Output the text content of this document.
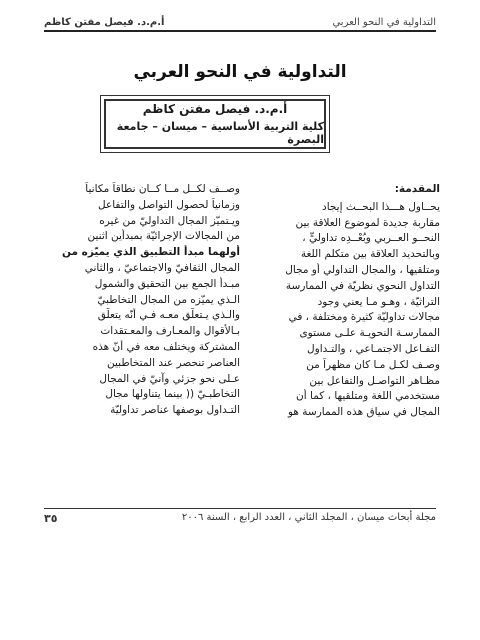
التداولية في النحو العربي
أ.م.د. فيصل مفتن كاظم
التداولية في النحو العربي
أ.م.د. فيصل مفتن كاظم
كلية التربية الأساسية – ميسان – جامعة البصرة
المقدمة:
يحــاول هـــذا البحــث إيجاد
مقاربة جديدة لموضوع العلاقة بين
النحــو العــربي وبُعْــدِه تداوليٍّ ،
وبالتحديد العلاقة بين متكلم اللغة
ومتلقيها ، والمجال التداولي أو مجال
التداول النحوي نظريّة في الممارسة
التراثيّة ، وهـو مـا يعني وجود
مجالات تداوليّة كثيرة ومختلفة ، في
الممارسـة النحويـة علـى مستوى
التفـاعل الاجتمـاعي ، والتـداول
وصـف لكـل مـا كان مظهراً من
مظـاهر التواصـل والتفاعل بين
مستخدمي اللغة ومتلقيها ، كما أن
المجال في سياق هذه الممارسة هو
وصــف لكــل مــا كــان نطاقاً مكانياً
وزمانياً لحصول التواصل والتفاعل
ويـتميّز المجال التداوليّ من غيره
من المجالات الإجرائيّة بمبدأين اثنين
أولهما مبدأ التطبيق الذي يميّزه من
المجال الثقافيّ والاجتماعيّ ، والثاني
مبـدأ الجمع بين التحقيق والشمول
الـذي يميّزه من المجال التخاطبيّ
والـذي يـتعلّق معـه فـي أنّه يتعلّق
بـالأقوال والمعـارف والمعـتقدات
المشتركة ويختلف معه في أنّ هذه
العناصر تنحصر عند المتخاطبين
عـلى نحو جزئي وآنيّ في المجال
التخاطبـيّ (( بينما يتناولها مجال
التـداول بوصفها عناصر تداوليّة
مجلة أبحاث ميسان ، المجلد الثاني ، العدد الرابع ، السنة ٢٠٠٦
٣٥
